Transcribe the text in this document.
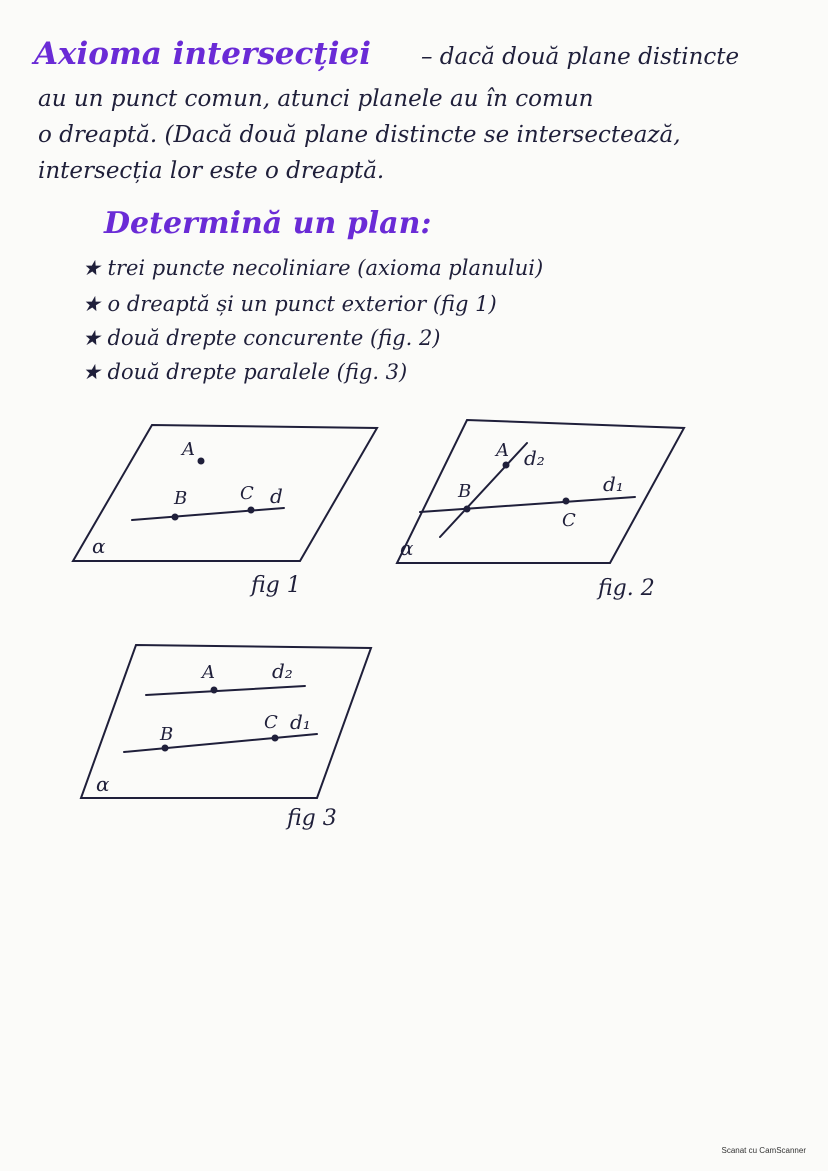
Axioma intersecției – dacă două plane distincte
au un punct comun, atunci planele au în comun
o dreaptă. (Dacă două plane distincte se intersectează,
intersecția lor este o dreaptă.
Determină un plan:
★ trei puncte necoliniare (axioma planului)
★ o dreaptă și un punct exterior (fig 1)
★ două drepte concurente (fig. 2)
★ două drepte paralele (fig. 3)
A
B	C d
α
A d₂
B	d₁
C
α
A	d₂
B
C d₁
α
fig 1	fig. 2
fig 3
Scanat cu CamScanner
